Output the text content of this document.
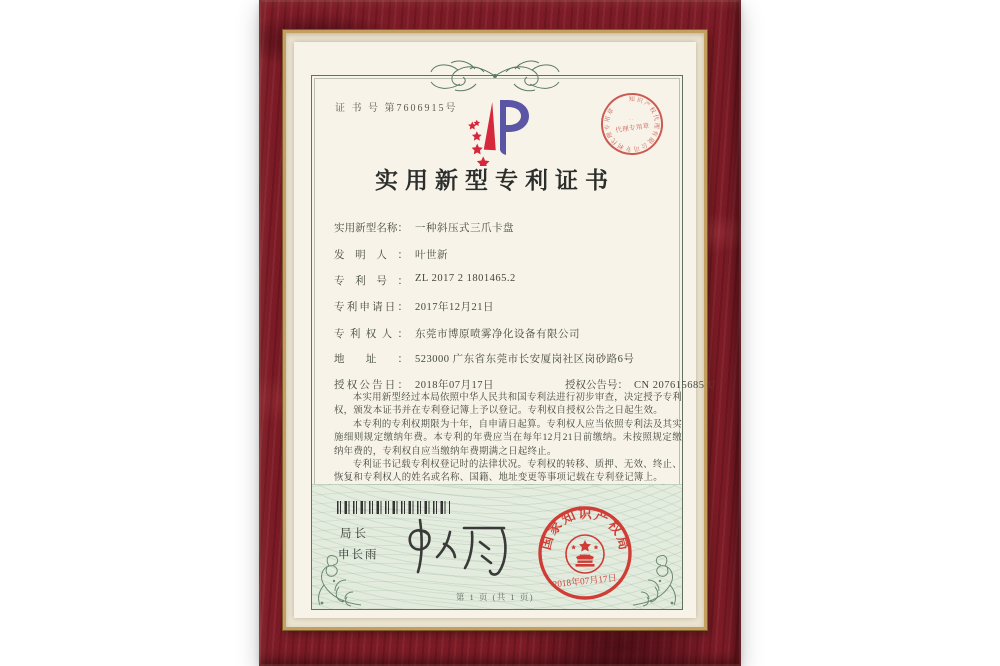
证 书 号 第7606915号
知识产权代理有限公司专利代理专用章
· ·
代理专用章
实用新型专利证书
实用新型名称： 一种斜压式三爪卡盘
发明人： 叶世新
专利号： ZL 2017 2 1801465.2
专利申请日： 2017年12月21日
专利权人： 东莞市博原喷雾净化设备有限公司
地址： 523000 广东省东莞市长安厦岗社区岗砂路6号
授权公告日： 2018年07月17日	授权公告号： CN 207615685 U

本实用新型经过本局依照中华人民共和国专利法进行初步审查，决定授予专利权，颁发本证书并在专利登记簿上予以登记。专利权自授权公告之日起生效。

本专利的专利权期限为十年，自申请日起算。专利权人应当依照专利法及其实施细则规定缴纳年费。本专利的年费应当在每年12月21日前缴纳。未按照规定缴纳年费的，专利权自应当缴纳年费期满之日起终止。

专利证书记载专利权登记时的法律状况。专利权的转移、质押、无效、终止、恢复和专利权人的姓名或名称、国籍、地址变更等事项记载在专利登记簿上。

局长
申长雨
国
家
知 识 产
权
局
2018年07月17日
第 1 页 (共 1 页)
